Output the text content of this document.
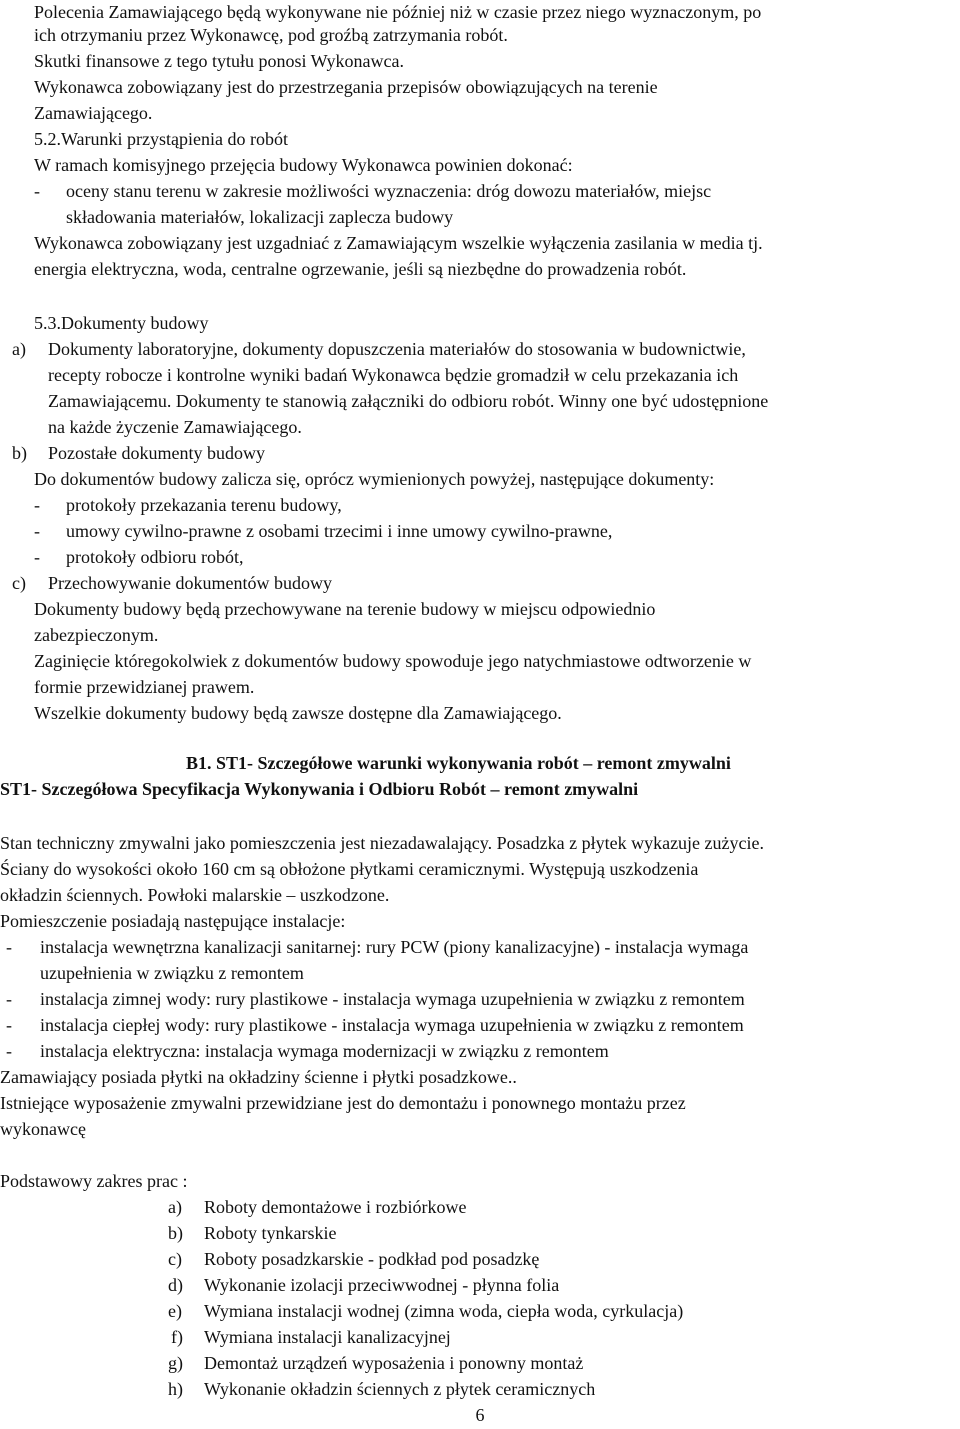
Polecenia Zamawiającego będą wykonywane nie później niż w czasie przez niego wyznaczonym, po
ich otrzymaniu przez Wykonawcę, pod groźbą zatrzymania robót.
Skutki finansowe z tego tytułu ponosi Wykonawca.
Wykonawca zobowiązany jest do przestrzegania przepisów obowiązujących na terenie
Zamawiającego.
5.2.Warunki przystąpienia do robót
W ramach komisyjnego przejęcia budowy Wykonawca powinien dokonać:
- oceny stanu terenu w zakresie możliwości wyznaczenia: dróg dowozu materiałów, miejsc
składowania materiałów, lokalizacji zaplecza budowy
Wykonawca zobowiązany jest uzgadniać z Zamawiającym wszelkie wyłączenia zasilania w media tj.
energia elektryczna, woda, centralne ogrzewanie, jeśli są niezbędne do prowadzenia robót.
5.3.Dokumenty budowy
a) Dokumenty laboratoryjne, dokumenty dopuszczenia materiałów do stosowania w budownictwie,
recepty robocze i kontrolne wyniki badań Wykonawca będzie gromadził w celu przekazania ich
Zamawiającemu. Dokumenty te stanowią załączniki do odbioru robót. Winny one być udostępnione
na każde życzenie Zamawiającego.
b) Pozostałe dokumenty budowy
Do dokumentów budowy zalicza się, oprócz wymienionych powyżej, następujące dokumenty:
- protokoły przekazania terenu budowy,
- umowy cywilno-prawne z osobami trzecimi i inne umowy cywilno-prawne,
- protokoły odbioru robót,
c) Przechowywanie dokumentów budowy
Dokumenty budowy będą przechowywane na terenie budowy w miejscu odpowiednio
zabezpieczonym.
Zaginięcie któregokolwiek z dokumentów budowy spowoduje jego natychmiastowe odtworzenie w
formie przewidzianej prawem.
Wszelkie dokumenty budowy będą zawsze dostępne dla Zamawiającego.
B1. ST1- Szczegółowe warunki wykonywania robót – remont zmywalni
ST1- Szczegółowa Specyfikacja Wykonywania i Odbioru Robót – remont zmywalni
Stan techniczny zmywalni jako pomieszczenia jest niezadawalający. Posadzka z płytek wykazuje zużycie.
Ściany do wysokości około 160 cm są obłożone płytkami ceramicznymi. Występują uszkodzenia
okładzin ściennych. Powłoki malarskie – uszkodzone.
Pomieszczenie posiadają następujące instalacje:
- instalacja wewnętrzna kanalizacji sanitarnej: rury PCW (piony kanalizacyjne) - instalacja wymaga
uzupełnienia w związku z remontem
- instalacja zimnej wody: rury plastikowe - instalacja wymaga uzupełnienia w związku z remontem
- instalacja ciepłej wody: rury plastikowe - instalacja wymaga uzupełnienia w związku z remontem
- instalacja elektryczna: instalacja wymaga modernizacji w związku z remontem
Zamawiający posiada płytki na okładziny ścienne i płytki posadzkowe..
Istniejące wyposażenie zmywalni przewidziane jest do demontażu i ponownego montażu przez
wykonawcę
Podstawowy zakres prac :
a) Roboty demontażowe i rozbiórkowe
b) Roboty tynkarskie
c) Roboty posadzkarskie - podkład pod posadzkę
d) Wykonanie izolacji przeciwwodnej - płynna folia
e) Wymiana instalacji wodnej (zimna woda, ciepła woda, cyrkulacja)
f) Wymiana instalacji kanalizacyjnej
g) Demontaż urządzeń wyposażenia i ponowny montaż
h) Wykonanie okładzin ściennych z płytek ceramicznych
6
